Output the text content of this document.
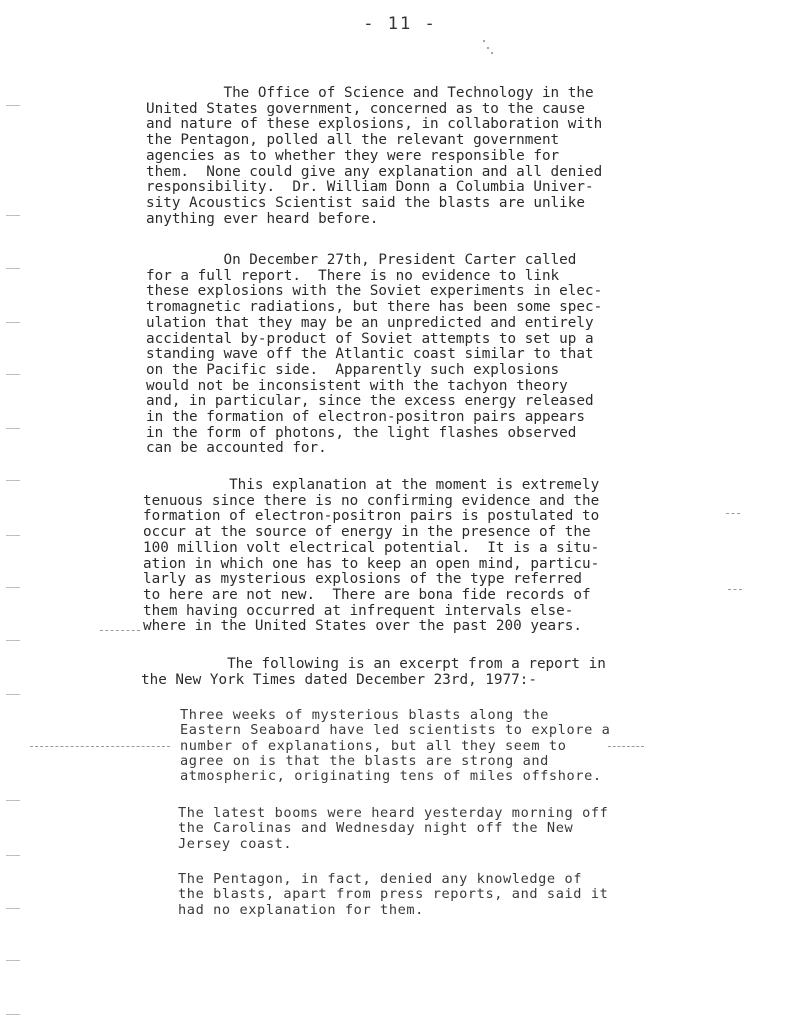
- 11 -
The Office of Science and Technology in the
United States government, concerned as to the cause
and nature of these explosions, in collaboration with
the Pentagon, polled all the relevant government
agencies as to whether they were responsible for
them.  None could give any explanation and all denied
responsibility.  Dr. William Donn a Columbia Univer-
sity Acoustics Scientist said the blasts are unlike
anything ever heard before.
On December 27th, President Carter called
for a full report.  There is no evidence to link
these explosions with the Soviet experiments in elec-
tromagnetic radiations, but there has been some spec-
ulation that they may be an unpredicted and entirely
accidental by-product of Soviet attempts to set up a
standing wave off the Atlantic coast similar to that
on the Pacific side.  Apparently such explosions
would not be inconsistent with the tachyon theory
and, in particular, since the excess energy released
in the formation of electron-positron pairs appears
in the form of photons, the light flashes observed
can be accounted for.
This explanation at the moment is extremely
tenuous since there is no confirming evidence and the
formation of electron-positron pairs is postulated to
occur at the source of energy in the presence of the
100 million volt electrical potential.  It is a situ-
ation in which one has to keep an open mind, particu-
larly as mysterious explosions of the type referred
to here are not new.  There are bona fide records of
them having occurred at infrequent intervals else-
where in the United States over the past 200 years.
The following is an excerpt from a report in
the New York Times dated December 23rd, 1977:-
Three weeks of mysterious blasts along the
Eastern Seaboard have led scientists to explore a
number of explanations, but all they seem to
agree on is that the blasts are strong and
atmospheric, originating tens of miles offshore.
The latest booms were heard yesterday morning off
the Carolinas and Wednesday night off the New
Jersey coast.
The Pentagon, in fact, denied any knowledge of
the blasts, apart from press reports, and said it
had no explanation for them.
